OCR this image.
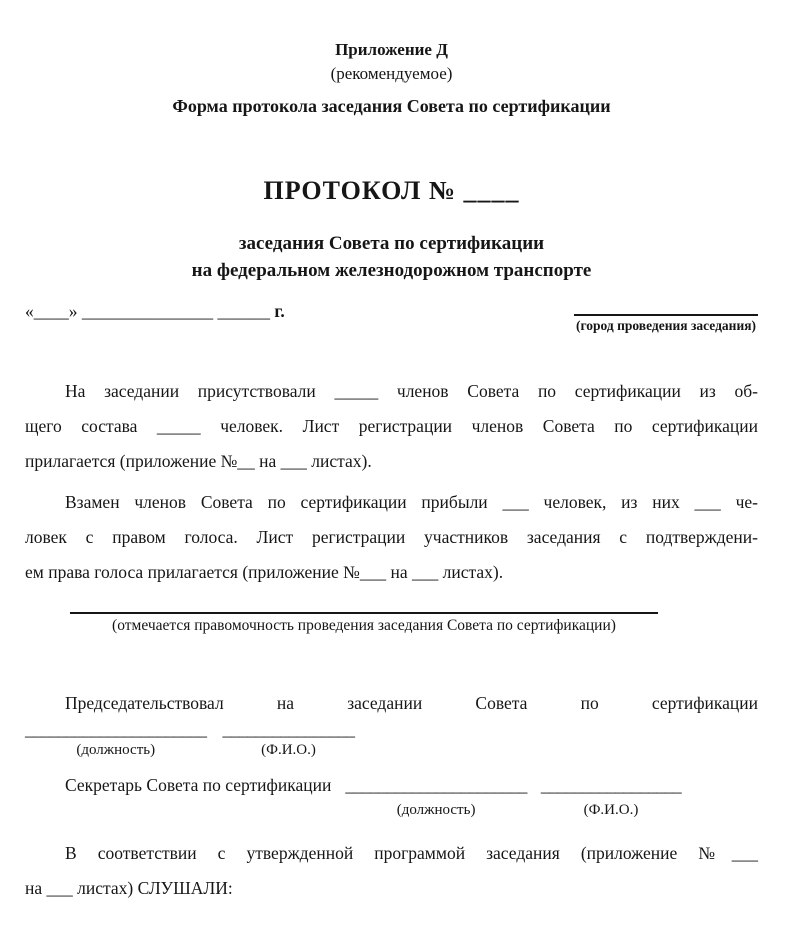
Приложение Д
(рекомендуемое)
Форма протокола заседания Совета по сертификации
ПРОТОКОЛ № ____
заседания Совета по сертификации
на федеральном железнодорожном транспорте
«____» _______________ ______ г.
(город проведения заседания)
На заседании присутствовали _____ членов Совета по сертификации из об-
щего состава _____ человек. Лист регистрации членов Совета по сертификации
прилагается (приложение №__ на ___ листах).
Взамен членов Совета по сертификации прибыли ___ человек, из них ___ че-
ловек с правом голоса. Лист регистрации участников заседания с подтверждени-
ем права голоса прилагается (приложение №___ на ___ листах).
(отмечается правомочность проведения заседания Совета по сертификации)
Председательствовал на заседании Совета по сертификации
______________________ ________________
(должность)	(Ф.И.О.)
Секретарь Совета по сертификации ______________________ _________________
(должность)	(Ф.И.О.)
В соответствии с утвержденной программой заседания (приложение №___
на ___ листах) СЛУШАЛИ:
